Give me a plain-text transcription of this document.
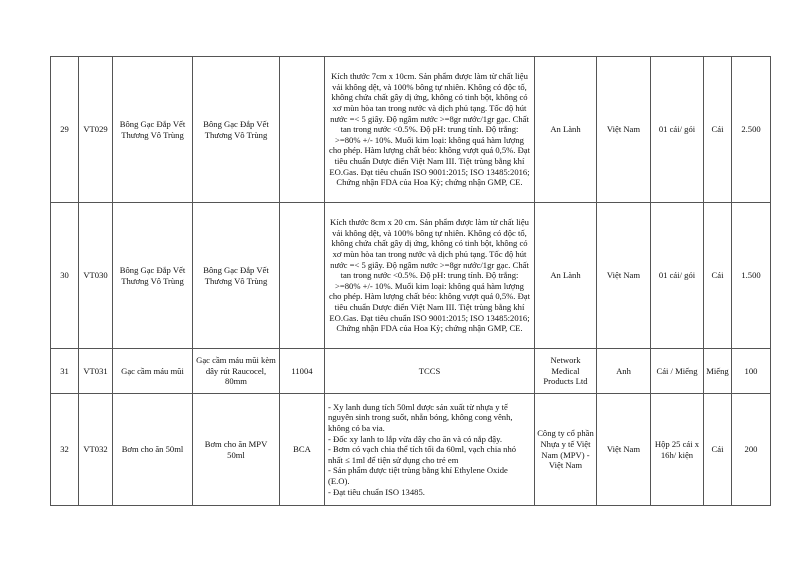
29	VT029	Bông Gạc Đắp Vết Thương Vô Trùng	Bông Gạc Đắp Vết Thương Vô Trùng		Kích thước 7cm x 10cm. Sản phẩm được làm từ chất liệu vải không dệt, và 100% bông tự nhiên. Không có độc tố, không chứa chất gây dị ứng, không có tinh bột, không có xơ mùn hòa tan trong nước và dịch phủ tạng. Tốc độ hút nước =< 5 giây. Độ ngâm nước >=8gr nước/1gr gạc. Chất tan trong nước <0.5%. Độ pH: trung tính. Độ trắng: >=80% +/- 10%. Muối kim loại: không quá hàm lượng cho phép. Hàm lượng chất béo: không vượt quá 0,5%. Đạt tiêu chuẩn Dược điển Việt Nam III. Tiệt trùng bằng khí EO.Gas. Đạt tiêu chuẩn ISO 9001:2015; ISO 13485:2016; Chứng nhận FDA của Hoa Kỳ; chứng nhận GMP, CE.	An Lành	Việt Nam	01 cái/ gói	Cái	2.500
30	VT030	Bông Gạc Đắp Vết Thương Vô Trùng	Bông Gạc Đắp Vết Thương Vô Trùng		Kích thước 8cm x 20 cm. Sản phẩm được làm từ chất liệu vải không dệt, và 100% bông tự nhiên. Không có độc tố, không chứa chất gây dị ứng, không có tinh bột, không có xơ mùn hòa tan trong nước và dịch phủ tạng. Tốc độ hút nước =< 5 giây. Độ ngâm nước >=8gr nước/1gr gạc. Chất tan trong nước <0.5%. Độ pH: trung tính. Độ trắng: >=80% +/- 10%. Muối kim loại: không quá hàm lượng cho phép. Hàm lượng chất béo: không vượt quá 0,5%. Đạt tiêu chuẩn Dược điển Việt Nam III. Tiệt trùng bằng khí EO.Gas. Đạt tiêu chuẩn ISO 9001:2015; ISO 13485:2016; Chứng nhận FDA của Hoa Kỳ; chứng nhận GMP, CE.	An Lành	Việt Nam	01 cái/ gói	Cái	1.500
31	VT031	Gạc cầm máu mũi	Gạc cầm máu mũi kèm dây rút Raucocel, 80mm	11004	TCCS	Network Medical Products Ltd	Anh	Cái / Miếng	Miếng	100
32	VT032	Bơm cho ăn 50ml	Bơm cho ăn MPV 50ml	BCA	- Xy lanh dung tích 50ml được sản xuất từ nhựa y tế nguyên sinh trong suốt, nhẵn bóng, không cong vênh, không có ba via.
- Đốc xy lanh to lắp vừa dây cho ăn và có nắp đậy.
- Bơm có vạch chia thể tích tối đa 60ml, vạch chia nhỏ nhất ≤ 1ml để tiện sử dụng cho trẻ em
- Sản phẩm được tiệt trùng bằng khí Ethylene Oxide (E.O).
- Đạt tiêu chuẩn ISO 13485.	Công ty cổ phần Nhựa y tế Việt Nam (MPV) - Việt Nam	Việt Nam	Hộp 25 cái x 16h/ kiện	Cái	200
